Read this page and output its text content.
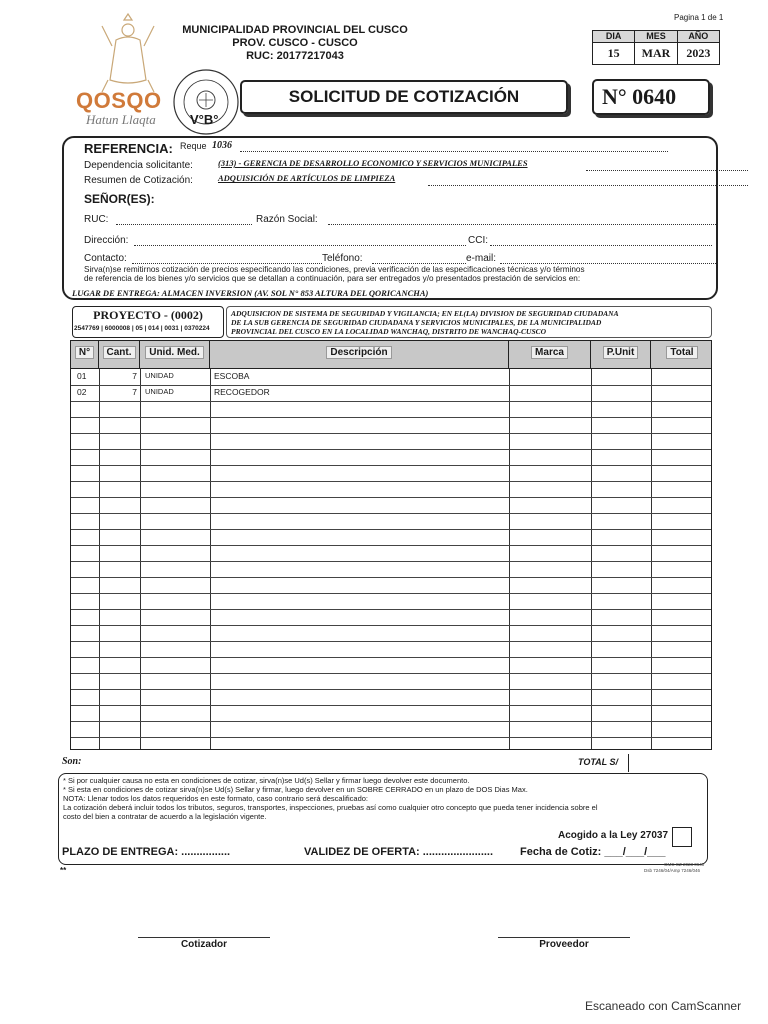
QOSQO
Hatun Llaqta	V°B°
MUNICIPALIDAD PROVINCIAL DEL CUSCO
PROV. CUSCO - CUSCO
RUC: 20177217043
Pagina 1 de 1
DIA	MES	AÑO
15	MAR	2023
SOLICITUD DE COTIZACIÓN	N° 0640
REFERENCIA: Reque 1036
Dependencia solicitante:	(313) - GERENCIA DE DESARROLLO ECONOMICO Y SERVICIOS MUNICIPALES
Resumen de Cotización:	ADQUISICIÓN DE ARTÍCULOS DE LIMPIEZA
SEÑOR(ES):
RUC:	Razón Social:
Dirección:	CCI:
Contacto:	Teléfono:	e-mail:
Sirva(n)se remitirnos cotización de precios especificando las condiciones, previa verificación de las especificaciones técnicas y/o términos
de referencia de los bienes y/o servicios que se detallan a continuación, para ser entregados y/o presentados prestación de servicios en:
LUGAR DE ENTREGA: ALMACEN INVERSION (AV. SOL N° 853 ALTURA DEL QORICANCHA)
PROYECTO - (0002)
2547769 | 6000008 | 05 | 014 | 0031 | 0370224
ADQUISICION DE SISTEMA DE SEGURIDAD Y VIGILANCIA; EN EL(LA) DIVISION DE SEGURIDAD CIUDADANA
DE LA SUB GERENCIA DE SEGURIDAD CIUDADANA Y SERVICIOS MUNICIPALES, DE LA MUNICIPALIDAD
PROVINCIAL DEL CUSCO EN LA LOCALIDAD WANCHAQ, DISTRITO DE WANCHAQ-CUSCO
N°	Cant.	Unid. Med.	Descripción	Marca	P.Unit	Total
01	7 UNIDAD	ESCOBA
02	7 UNIDAD	RECOGEDOR
Son:	TOTAL S/
* Si por cualquier causa no esta en condiciones de cotizar, sirva(n)se Ud(s) Sellar y firmar luego devolver este documento.
* Si esta en condiciones de cotizar sirva(n)se Ud(s) Sellar y firmar, luego devolver en un SOBRE CERRADO en un plazo de DOS Dias Max.
NOTA: Llenar todos los datos requeridos en este formato, caso contrario será descalificado:
La cotización deberá incluir todos los tributos, seguros, transportes, inspecciones, pruebas así como cualquier otro concepto que pueda tener incidencia sobre el
costo del bien a contratar de acuerdo a la legislación vigente.
Acogido a la Ley 27037
PLAZO DE ENTREGA: ................	VALIDEZ DE OFERTA: ....................... Fecha de Cotiz: ___/___/___
**
GMC CZ 2023 0640
Dsb 7246/04/Amp 7246/046
Cotizador	Proveedor
Escaneado con CamScanner
